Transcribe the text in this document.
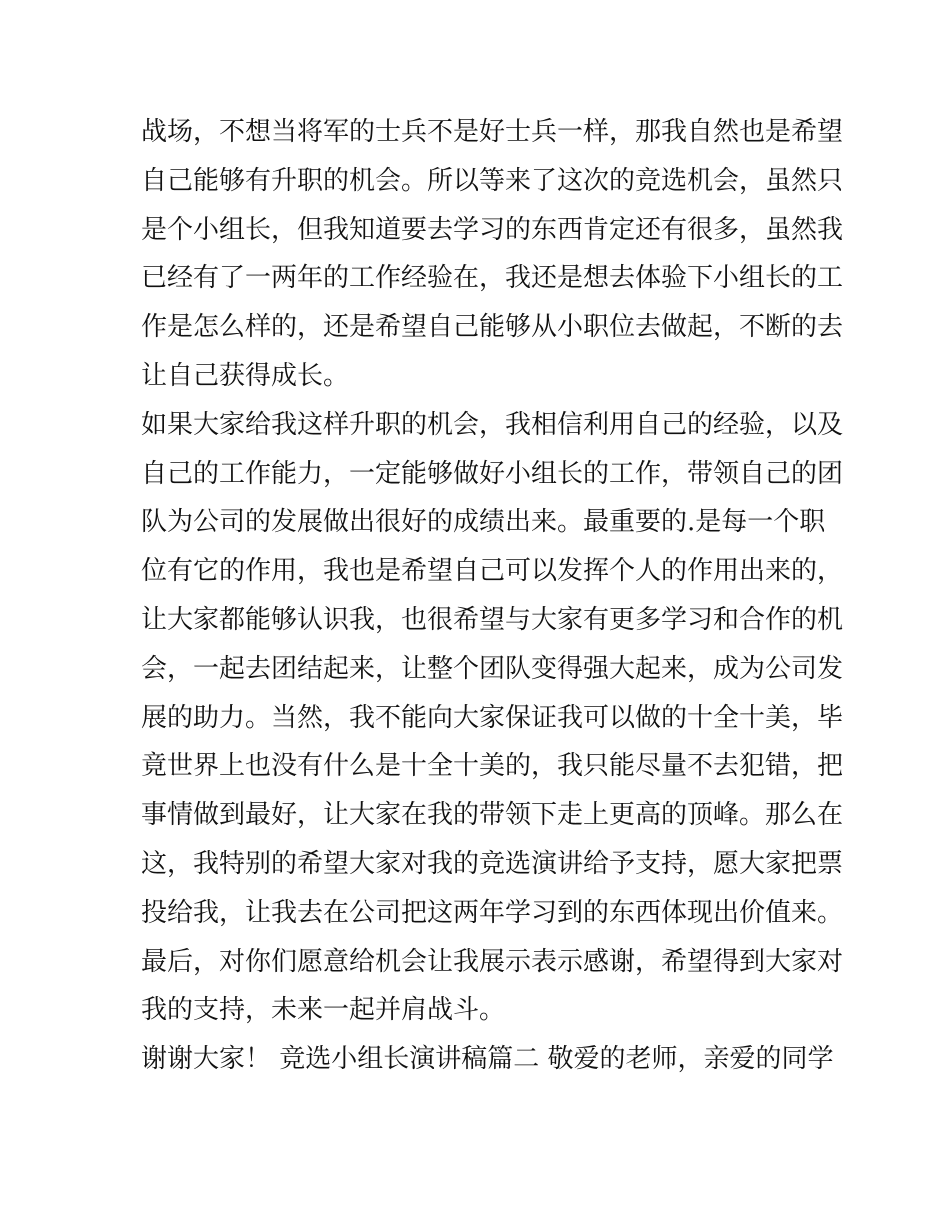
战场，不想当将军的士兵不是好士兵一样，那我自然也是希望
自己能够有升职的机会。所以等来了这次的竞选机会，虽然只
是个小组长，但我知道要去学习的东西肯定还有很多，虽然我
已经有了一两年的工作经验在，我还是想去体验下小组长的工
作是怎么样的，还是希望自己能够从小职位去做起，不断的去
让自己获得成长。
如果大家给我这样升职的机会，我相信利用自己的经验，以及
自己的工作能力，一定能够做好小组长的工作，带领自己的团
队为公司的发展做出很好的成绩出来。最重要的.是每一个职
位有它的作用，我也是希望自己可以发挥个人的作用出来的，
让大家都能够认识我，也很希望与大家有更多学习和合作的机
会，一起去团结起来，让整个团队变得强大起来，成为公司发
展的助力。当然，我不能向大家保证我可以做的十全十美，毕
竟世界上也没有什么是十全十美的，我只能尽量不去犯错，把
事情做到最好，让大家在我的带领下走上更高的顶峰。那么在
这，我特别的希望大家对我的竞选演讲给予支持，愿大家把票
投给我，让我去在公司把这两年学习到的东西体现出价值来。
最后，对你们愿意给机会让我展示表示感谢，希望得到大家对
我的支持，未来一起并肩战斗。
谢谢大家！ 竞选小组长演讲稿篇二 敬爱的老师，亲爱的同学
